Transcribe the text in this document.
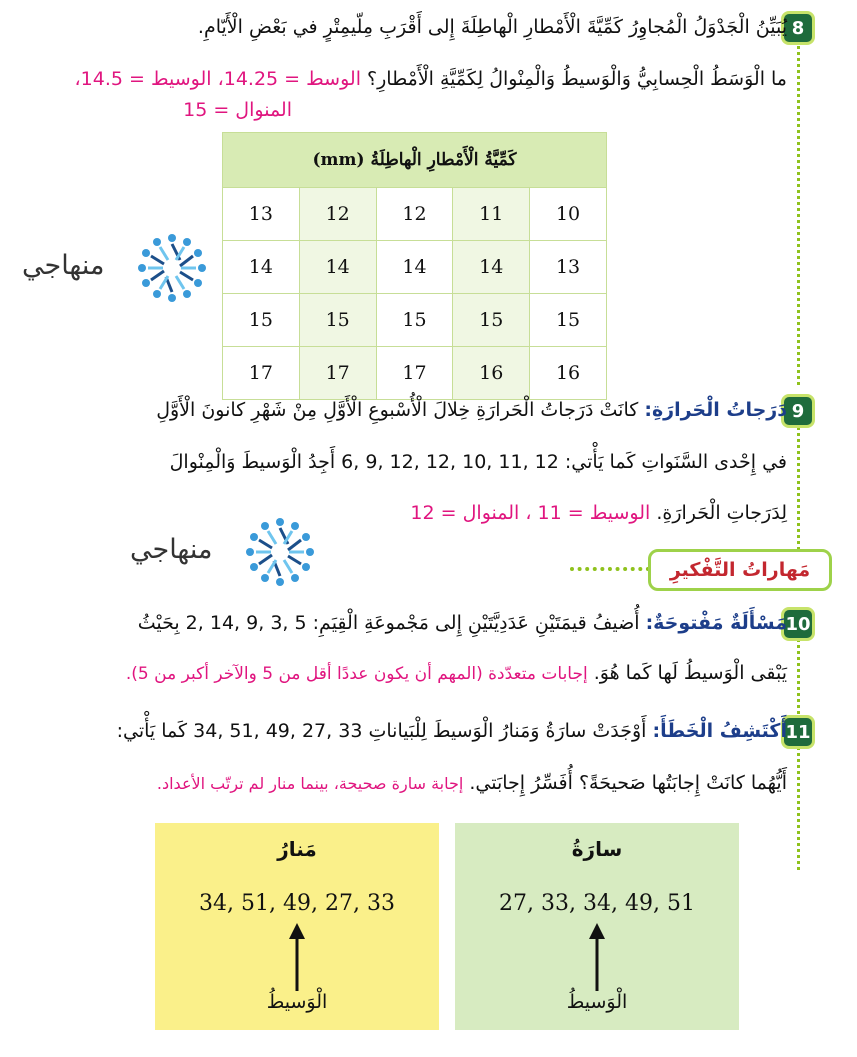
8
يُبَيِّنُ الْجَدْوَلُ الْمُجاوِرُ كَمِّيَّةَ الْأَمْطارِ الْهاطِلَةَ إِلى أَقْرَبِ مِلّيمِتْرٍ في بَعْضِ الْأَيّامِ.
ما الْوَسَطُ الْحِسابِيُّ وَالْوَسيطُ وَالْمِنْوالُ لِكَمِّيَّةِ الْأَمْطارِ؟ الوسط = 14.25، الوسيط = 14.5،
المنوال = 15
كَمِّيَّةُ الْأَمْطارِ الْهاطِلَةُ (mm)				
13	12	12	11	10
14	14	14	14	13
15	15	15	15	15
17	17	17	16	16
منهاجي
9
دَرَجاتُ الْحَرارَةِ: كانَتْ دَرَجاتُ الْحَرارَةِ خِلالَ الْأُسْبوعِ الْأَوَّلِ مِنْ شَهْرِ كانونَ الْأَوَّلِ
في إِحْدى السَّنَواتِ كَما يَأْتي: 12 ,11 ,10 ,12 ,12 ,9 ,6 أَجِدُ الْوَسيطَ وَالْمِنْوالَ
لِدَرَجاتِ الْحَرارَةِ. الوسيط = 11 ، المنوال = 12
منهاجي
مَهاراتُ التَّفْكيرِ
10
مَسْأَلَةٌ مَفْتوحَةٌ: أُضيفُ قيمَتَيْنِ عَدَدِيَّتَيْنِ إِلى مَجْموعَةِ الْقِيَمِ: 5 ,3 ,9 ,14 ,2 بِحَيْثُ
يَبْقى الْوَسيطُ لَها كَما هُوَ. إجابات متعدّدة (المهم أن يكون عددًا أقل من 5 والآخر أكبر من 5).
11
أَكْتَشِفُ الْخَطَأَ: أَوْجَدَتْ سارَةُ وَمَنارُ الْوَسيطَ لِلْبَياناتِ 33 ,27 ,49 ,51 ,34 كَما يَأْتي:
أَيُّهُما كانَتْ إِجابَتُها صَحيحَةً؟ أُفَسِّرُ إِجابَتي. إجابة سارة صحيحة، بينما منار لم ترتّب الأعداد.
مَنارُ
34, 51, 49, 27, 33
الْوَسيطُ
سارَةُ
27, 33, 34, 49, 51
الْوَسيطُ
